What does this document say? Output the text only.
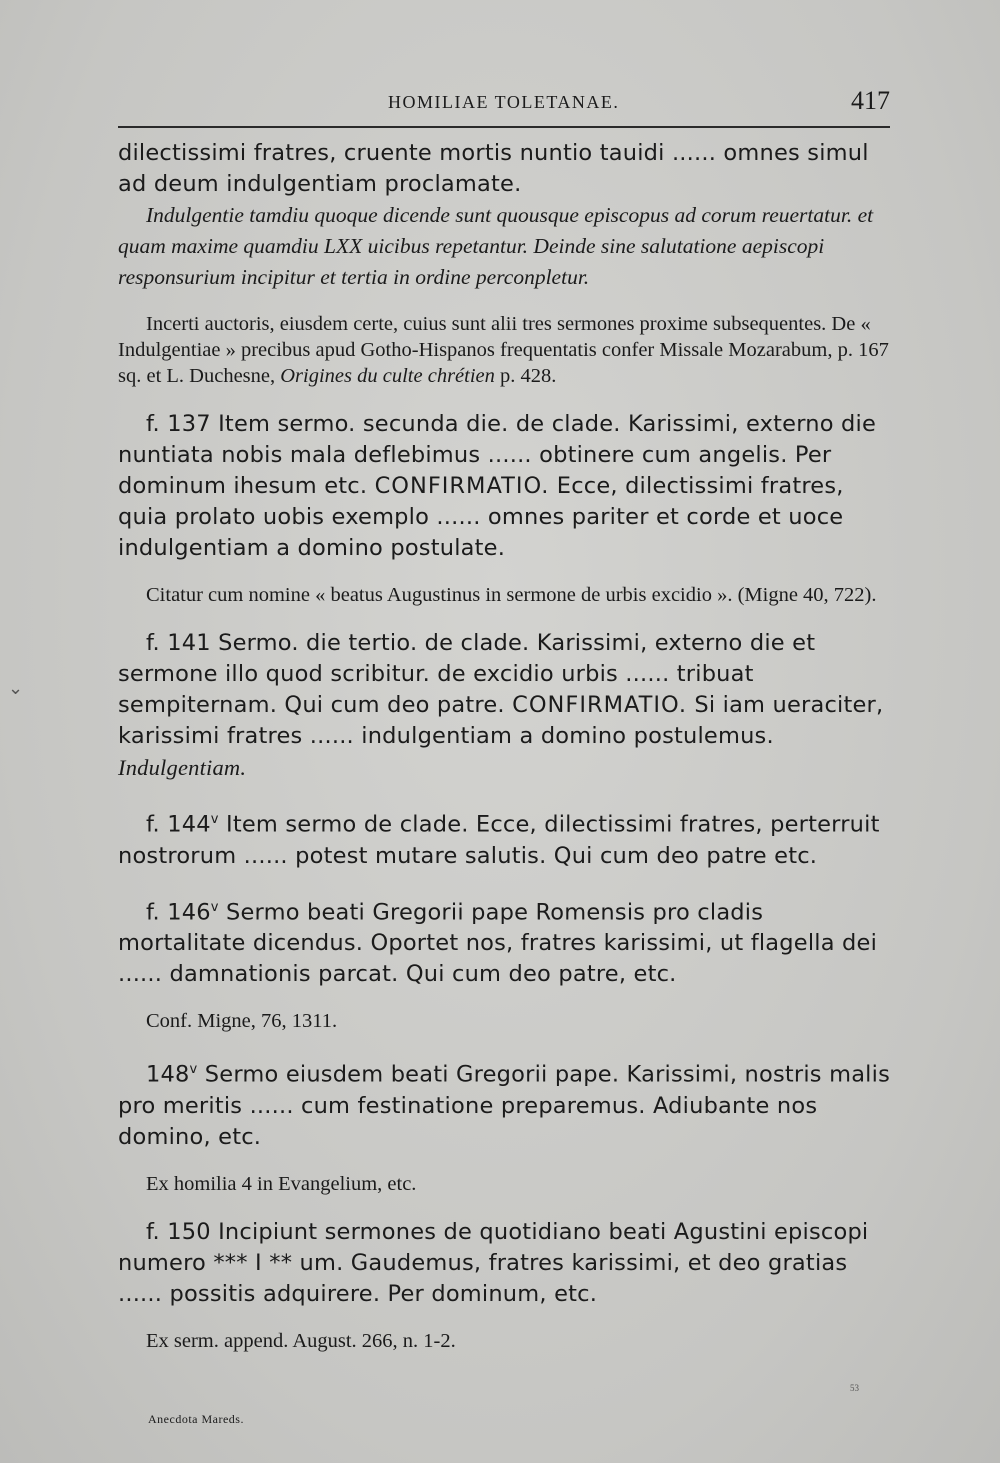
HOMILIAE TOLETANAE.	417

dilectissimi fratres, cruente mortis nuntio tauidi ...... omnes simul ad deum indulgentiam proclamate.

Indulgentie tamdiu quoque dicende sunt quousque episcopus ad corum reuertatur. et quam maxime quamdiu LXX uicibus repetantur. Deinde sine salutatione aepiscopi responsurium incipitur et tertia in ordine perconpletur.

Incerti auctoris, eiusdem certe, cuius sunt alii tres sermones proxime subsequentes. De « Indulgentiae » precibus apud Gotho-Hispanos frequentatis confer Missale Mozarabum, p. 167 sq. et L. Duchesne, Origines du culte chrétien p. 428.

f. 137 Item sermo. secunda die. de clade. Karissimi, externo die nuntiata nobis mala deflebimus ...... obtinere cum angelis. Per dominum ihesum etc. CONFIRMATIO. Ecce, dilectissimi fratres, quia prolato uobis exemplo ...... omnes pariter et corde et uoce indulgentiam a domino postulate.

Citatur cum nomine « beatus Augustinus in sermone de urbis excidio ». (Migne 40, 722).

f. 141 Sermo. die tertio. de clade. Karissimi, externo die et sermone illo quod scribitur. de excidio urbis ...... tribuat sempiternam. Qui cum deo patre. CONFIRMATIO. Si iam ueraciter, karissimi fratres ...... indulgentiam a domino postulemus. Indulgentiam.

f. 144$^v$ Item sermo de clade. Ecce, dilectissimi fratres, perterruit nostrorum ...... potest mutare salutis. Qui cum deo patre etc.

f. 146$^v$ Sermo beati Gregorii pape Romensis pro cladis mortalitate dicendus. Oportet nos, fratres karissimi, ut flagella dei ...... damnationis parcat. Qui cum deo patre, etc.

Conf. Migne, 76, 1311.

148$^v$ Sermo eiusdem beati Gregorii pape. Karissimi, nostris malis pro meritis ...... cum festinatione preparemus. Adiubante nos domino, etc.

Ex homilia 4 in Evangelium, etc.

f. 150 Incipiunt sermones de quotidiano beati Agustini episcopi numero *** I ** um. Gaudemus, fratres karissimi, et deo gratias ...... possitis adquirere. Per dominum, etc.

Ex serm. append. August. 266, n. 1-2.

53
Anecdota Mareds.
⌄
